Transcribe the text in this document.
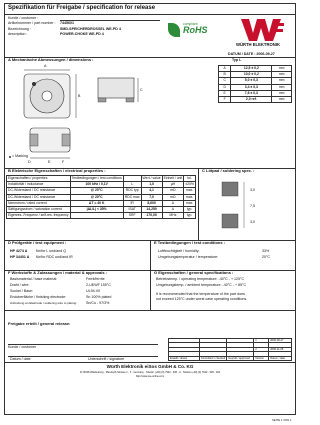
Spezifikation für Freigabe / specification for release
compliant
RoHS
WÜRTH ELEKTRONIK
Kunde / customer :
Artikelnummer / part number : 7445601
Bezeichnung :	SMD-SPEICHERDROSSEL WE-PD 4
description :	POWER-CHOKE WE-PD 4
DATUM / DATE : 2006-09-27
A Mechanische Abmessungen / dimensions :
A
B
C
D	E	F
= Marking
Typ L
A	12,5 ± 0,2	mm
B	10,0 ± 0,2	mm
C	5,0 ± 0,3	mm
D	3,4 ± 0,3	mm
E	7,6 ± 0,3	mm
F	2,0 ref.	mm
B Elektrische Eigenschaften / electrical properties :
Eigenschaften / properties	Testbedingungen / test conditions		Wert / value	Einheit / unit	tol.
Induktivität / inductance	100 kHz / 0,1V	L	1,0	µH	±20%
DC-Widerstand / DC resistance	@ 20°C	RDC typ	4,1	mΩ	max.
DC-Widerstand / DC resistance	@ 20°C	RDC max	7,0	mΩ	max.
Nennstrom / rated current	ΔT = 40 K	IR	8,600	A	max.
Sättigungsstrom / saturation current	|ΔL/L| < 35%	ISAT	14,250	A	typ.
Eigenres.-Frequenz / self-res. frequency		SRF	170,00	MHz	typ.
C Lötpad / soldering spec. :
3,0
7,5
3,0
D Prüfgeräte / test equipment :
HP 4274 A für/for L und/and Q
HP 34401 A für/for RDC und/and IR
E Testbedingungen / test conditions :
Luftfeuchtigkeit / humidity:	33%
Umgebungstemperatur / temperature:	20°C
F Werkstoffe & Zulassungen / material & approvals :
Basismaterial / base material:	Ferrit/ferrite
Draht / wire:	2-UEWF 155°C
Sockel / Base:	UL94-V0
Endoberfläche / finishing electrode:	Sn 100% plated
Anbindung an Elektrode / soldering wire to plating:	Sn/Cu - 97/3%
G Eigenschaften / general specifications :
Betriebstemp. / operating temperature: -40°C - + 125°C
Umgebungstemp. / ambient temperature: -40°C - + 85°C
It is recommended that the temperature of the part does
not exceed 125°C under worst case operating conditions.
Freigabe erteilt / general release:
Kunde / customer
Datum / date	Unterschrift / signature
			1	2006-09-27

			2	2006-11-05

Erstellt / drawn	Kontrolliert / checked	Geprüft / approved	Version	Datum / date
Würth Elektronik eiSos GmbH & Co. KG
D-74638 Waldenburg · Max-Eyth-Strasse 1 - 3 · Germany · Telefon (+49) (0) 7942 - 945 - 0 · Telefax (+49) (0) 7942 - 945 - 400
http://www.we-online.com
SEITE 1 VON 1
